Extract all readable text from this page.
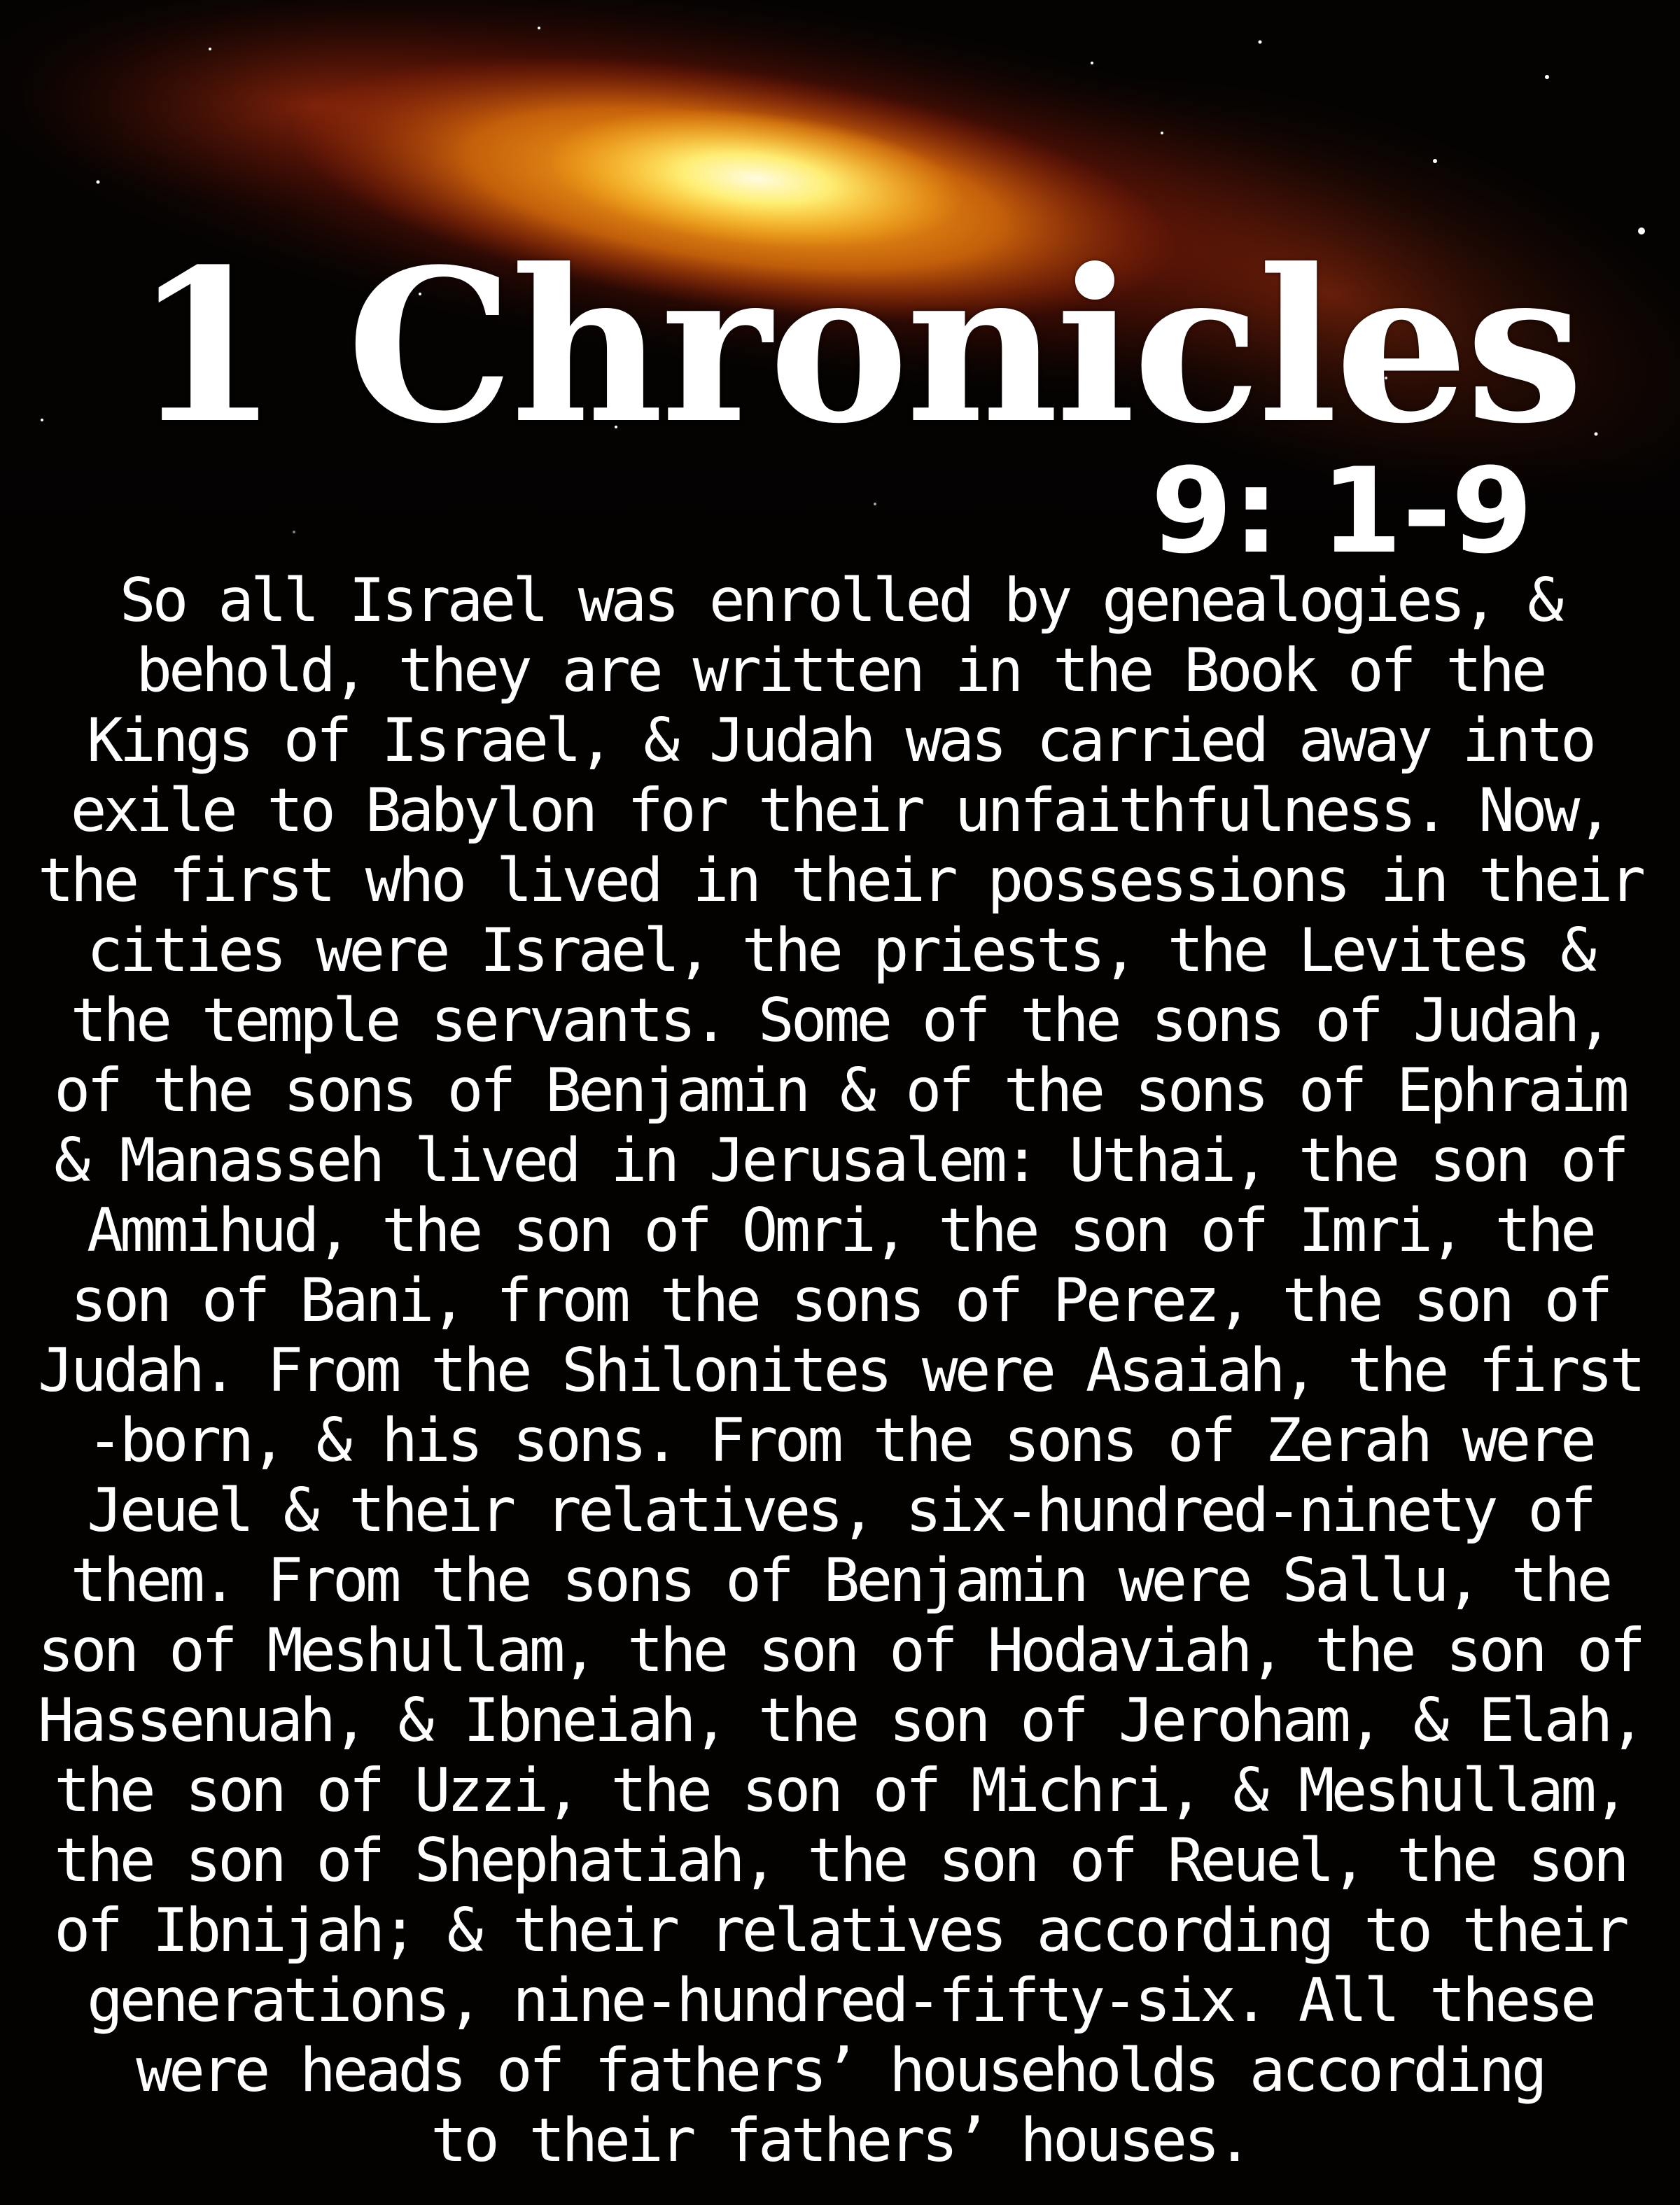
1 Chronicles
9: 1-9

So all Israel was enrolled by genealogies, &
behold, they are written in the Book of the
Kings of Israel, & Judah was carried away into
exile to Babylon for their unfaithfulness. Now,
the first who lived in their possessions in their
cities were Israel, the priests, the Levites &
the temple servants. Some of the sons of Judah,
of the sons of Benjamin & of the sons of Ephraim
& Manasseh lived in Jerusalem: Uthai, the son of
Ammihud, the son of Omri, the son of Imri, the
son of Bani, from the sons of Perez, the son of
Judah. From the Shilonites were Asaiah, the first
-born, & his sons. From the sons of Zerah were
Jeuel & their relatives, six-hundred-ninety of
them. From the sons of Benjamin were Sallu, the
son of Meshullam, the son of Hodaviah, the son of
Hassenuah, & Ibneiah, the son of Jeroham, & Elah,
the son of Uzzi, the son of Michri, & Meshullam,
the son of Shephatiah, the son of Reuel, the son
of Ibnijah; & their relatives according to their
generations, nine-hundred-fifty-six. All these
were heads of fathers’ households according
to their fathers’ houses.
